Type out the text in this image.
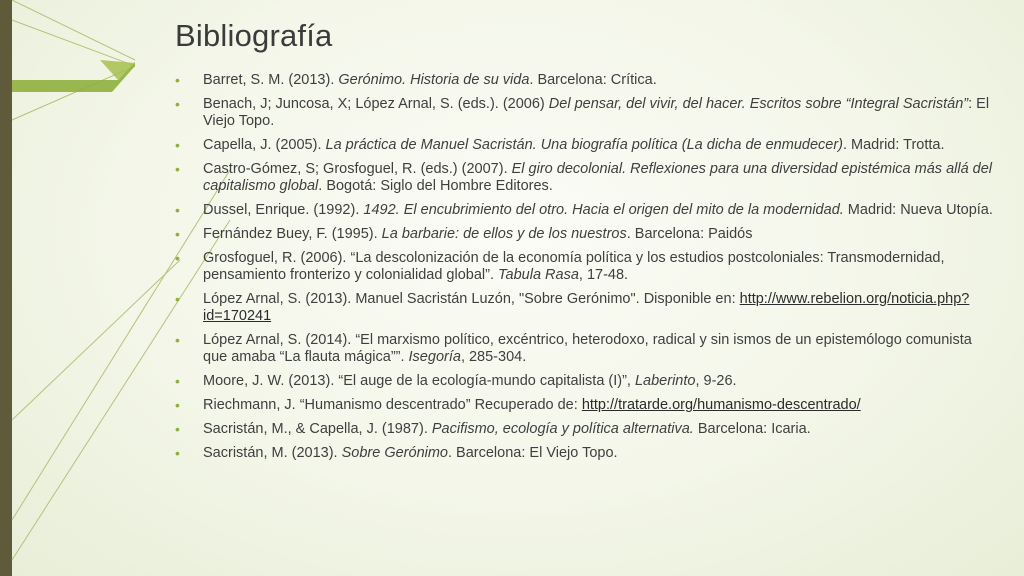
Bibliografía
• Barret, S. M. (2013). Gerónimo. Historia de su vida. Barcelona: Crítica.
• Benach, J; Juncosa, X; López Arnal, S. (eds.). (2006) Del pensar, del vivir, del hacer. Escritos sobre “Integral Sacristán”: El Viejo Topo.
• Capella, J. (2005). La práctica de Manuel Sacristán. Una biografía política (La dicha de enmudecer). Madrid: Trotta.
• Castro-Gómez, S; Grosfoguel, R. (eds.) (2007). El giro decolonial. Reflexiones para una diversidad epistémica más allá del capitalismo global. Bogotá: Siglo del Hombre Editores.
• Dussel, Enrique. (1992). 1492. El encubrimiento del otro. Hacia el origen del mito de la modernidad. Madrid: Nueva Utopía.
• Fernández Buey, F. (1995). La barbarie: de ellos y de los nuestros. Barcelona: Paidós
• Grosfoguel, R. (2006). “La descolonización de la economía política y los estudios postcoloniales: Transmodernidad, pensamiento fronterizo y colonialidad global”. Tabula Rasa, 17-48.
• López Arnal, S. (2013). Manuel Sacristán Luzón, "Sobre Gerónimo". Disponible en: http://www.rebelion.org/noticia.php?id=170241
• López Arnal, S. (2014). “El marxismo político, excéntrico, heterodoxo, radical y sin ismos de un epistemólogo comunista que amaba “La flauta mágica””. Isegoría, 285-304.
• Moore, J. W. (2013). “El auge de la ecología-mundo capitalista (I)”, Laberinto, 9-26.
• Riechmann, J. “Humanismo descentrado” Recuperado de: http://tratarde.org/humanismo-descentrado/
• Sacristán, M., & Capella, J. (1987). Pacifismo, ecología y política alternativa. Barcelona: Icaria.
• Sacristán, M. (2013). Sobre Gerónimo. Barcelona: El Viejo Topo.
